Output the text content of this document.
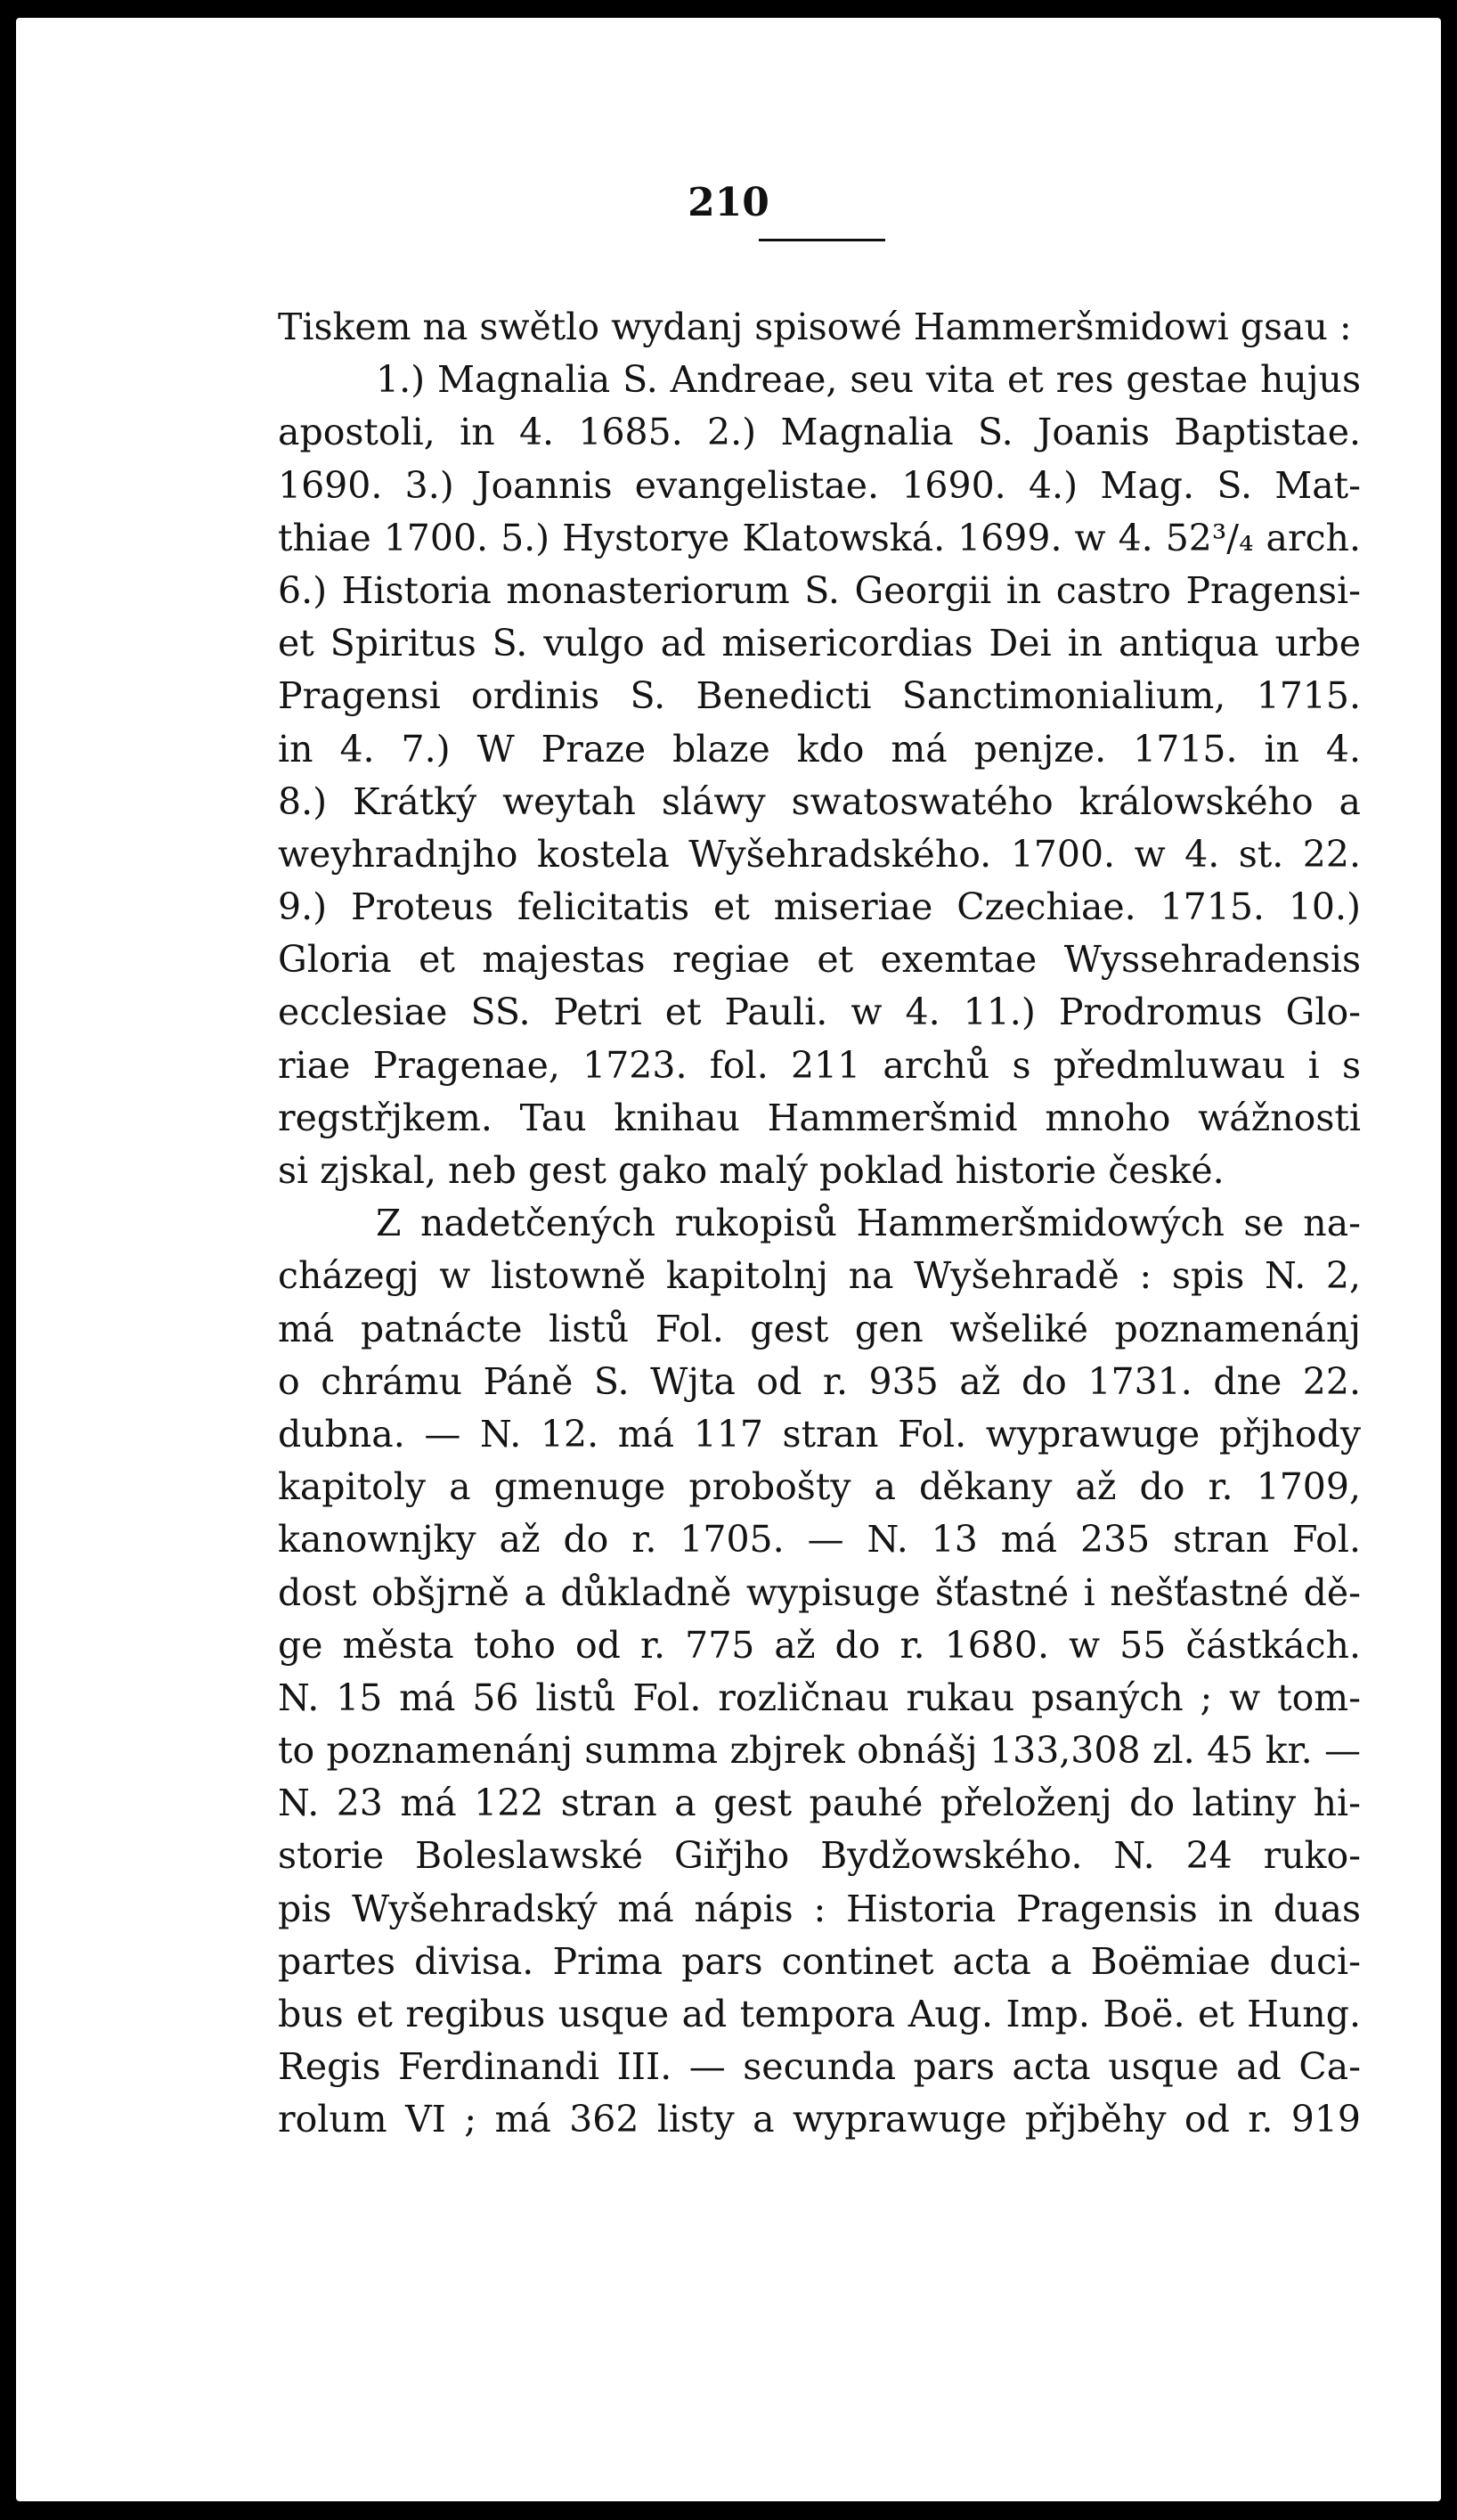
210
Tiskem na swětlo wydanj spisowé Hammeršmidowi gsau :
1.) Magnalia S. Andreae, seu vita et res gestae hujus
apostoli, in 4. 1685. 2.) Magnalia S. Joanis Baptistae.
1690. 3.) Joannis evangelistae. 1690. 4.) Mag. S. Mat-
thiae 1700. 5.) Hystorye Klatowská. 1699. w 4. 52³/₄ arch.
6.) Historia monasteriorum S. Georgii in castro Pragensi-
et Spiritus S. vulgo ad misericordias Dei in antiqua urbe
Pragensi ordinis S. Benedicti Sanctimonialium, 1715.
in 4. 7.) W Praze blaze kdo má penjze. 1715. in 4.
8.) Krátký weytah sláwy swatoswatého králowského a
weyhradnjho kostela Wyšehradského. 1700. w 4. st. 22.
9.) Proteus felicitatis et miseriae Czechiae. 1715. 10.)
Gloria et majestas regiae et exemtae Wyssehradensis
ecclesiae SS. Petri et Pauli. w 4. 11.) Prodromus Glo-
riae Pragenae, 1723. fol. 211 archů s předmluwau i s
regstřjkem. Tau knihau Hammeršmid mnoho wážnosti
si zjskal, neb gest gako malý poklad historie české.
Z nadetčených rukopisů Hammeršmidowých se na-
cházegj w listowně kapitolnj na Wyšehradě : spis N. 2,
má patnácte listů Fol. gest gen wšeliké poznamenánj
o chrámu Páně S. Wjta od r. 935 až do 1731. dne 22.
dubna. — N. 12. má 117 stran Fol. wyprawuge přjhody
kapitoly a gmenuge probošty a děkany až do r. 1709,
kanownjky až do r. 1705. — N. 13 má 235 stran Fol.
dost obšjrně a důkladně wypisuge šťastné i nešťastné dě-
ge města toho od r. 775 až do r. 1680. w 55 částkách.
N. 15 má 56 listů Fol. rozličnau rukau psaných ; w tom-
to poznamenánj summa zbjrek obnášj 133,308 zl. 45 kr. —
N. 23 má 122 stran a gest pauhé přeloženj do latiny hi-
storie Boleslawské Giřjho Bydžowského. N. 24 ruko-
pis Wyšehradský má nápis : Historia Pragensis in duas
partes divisa. Prima pars continet acta a Boëmiae duci-
bus et regibus usque ad tempora Aug. Imp. Boë. et Hung.
Regis Ferdinandi III. — secunda pars acta usque ad Ca-
rolum VI ; má 362 listy a wyprawuge přjběhy od r. 919
